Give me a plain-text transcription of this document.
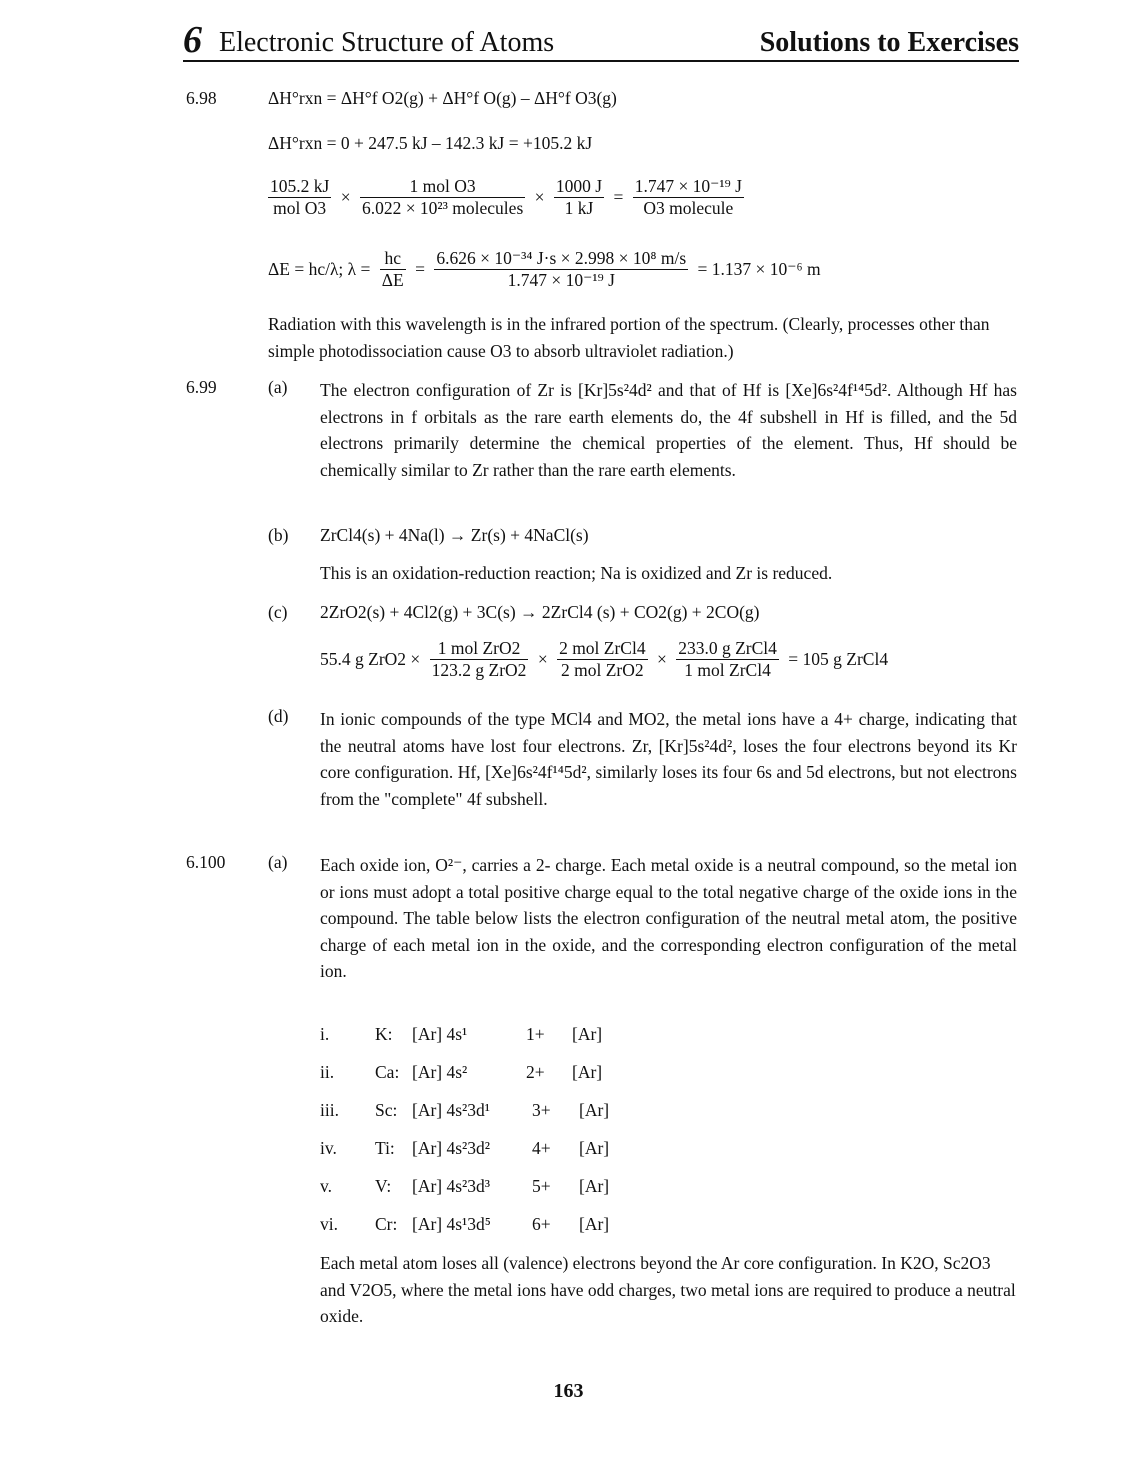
6 Electronic Structure of Atoms	Solutions to Exercises
6.98	ΔH°rxn = ΔH°f O2(g) + ΔH°f O(g) – ΔH°f O3(g)
ΔH°rxn = 0 + 247.5 kJ – 142.3 kJ = +105.2 kJ
$\frac{105.2 kJ}{\text{mol O3}} \times \frac{\text{1 mol O3}}{\text{6.022 × 10²³ molecules}} \times \frac{1000 J}{1 kJ} = \frac{\text{1.747 × 10⁻¹⁹ J}}{\text{O3 molecule}}$
ΔE = hc/λ; $\lambda = \frac{hc}{\Delta E} = \frac{\text{6.626 × 10⁻³⁴ J·s × 2.998 × 10⁸ m/s}}{\text{1.747 × 10⁻¹⁹ J}} = 1.137 \times 10^{-6}$ m
Radiation with this wavelength is in the infrared portion of the spectrum. (Clearly, processes other than simple photodissociation cause O3 to absorb ultraviolet radiation.)
6.99	(a) The electron configuration of Zr is [Kr]5s²4d² and that of Hf is [Xe]6s²4f¹⁴5d². Although Hf has electrons in f orbitals as the rare earth elements do, the 4f subshell in Hf is filled, and the 5d electrons primarily determine the chemical properties of the element. Thus, Hf should be chemically similar to Zr rather than the rare earth elements.
(b) ZrCl4(s) + 4Na(l) → Zr(s) + 4NaCl(s)
This is an oxidation-reduction reaction; Na is oxidized and Zr is reduced.
(c) 2ZrO2(s) + 4Cl2(g) + 3C(s) → 2ZrCl4 (s) + CO2(g) + 2CO(g)
55.4 g $ZrO2 \times \frac{\text{1 mol ZrO2}}{\text{123.2 g ZrO2}} \times \frac{\text{2 mol ZrCl4}}{\text{2 mol ZrO2}} \times \frac{\text{233.0 g ZrCl4}}{\text{1 mol ZrCl4}} = 105$ g ZrCl4
(d) In ionic compounds of the type MCl4 and MO2, the metal ions have a 4+ charge, indicating that the neutral atoms have lost four electrons. Zr, [Kr]5s²4d², loses the four electrons beyond its Kr core configuration. Hf, [Xe]6s²4f¹⁴5d², similarly loses its four 6s and 5d electrons, but not electrons from the "complete" 4f subshell.
6.100 (a) Each oxide ion, O²⁻, carries a 2- charge. Each metal oxide is a neutral compound, so the metal ion or ions must adopt a total positive charge equal to the total negative charge of the oxide ions in the compound. The table below lists the electron configuration of the neutral metal atom, the positive charge of each metal ion in the oxide, and the corresponding electron configuration of the metal ion.
i.	K: [Ar] 4s¹	1+ [Ar]
ii. Ca: [Ar] 4s²	2+ [Ar]
iii. Sc: [Ar] 4s²3d¹ 3+ [Ar]
iv. Ti: [Ar] 4s²3d² 4+ [Ar]
v. V: [Ar] 4s²3d³ 5+ [Ar]
vi. Cr: [Ar] 4s¹3d⁵ 6+ [Ar]
Each metal atom loses all (valence) electrons beyond the Ar core configuration. In K2O, Sc2O3 and V2O5, where the metal ions have odd charges, two metal ions are required to produce a neutral oxide.
163
